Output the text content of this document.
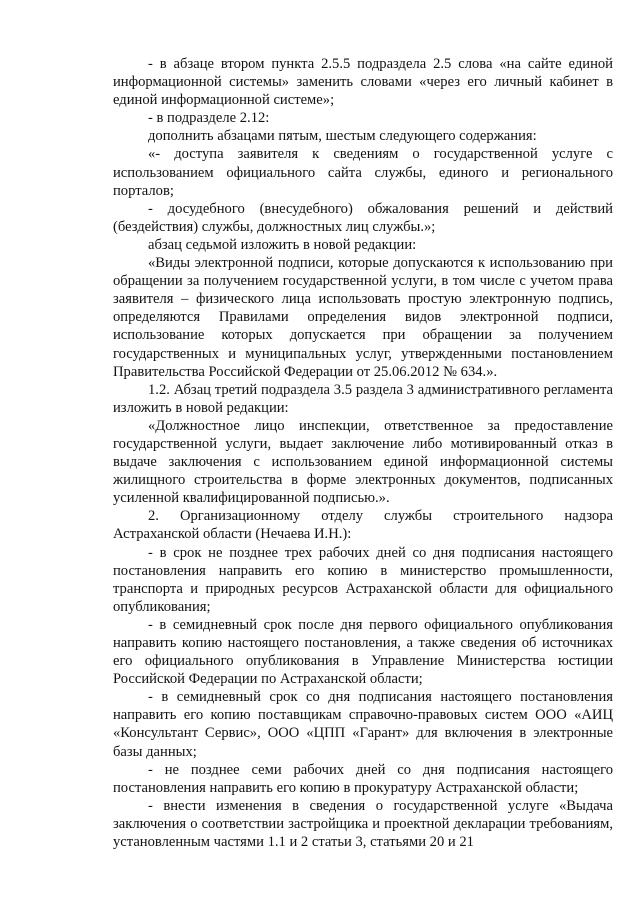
- в абзаце втором пункта 2.5.5 подраздела 2.5 слова «на сайте единой информационной системы» заменить словами «через его личный кабинет в единой информационной системе»;

- в подразделе 2.12:

дополнить абзацами пятым, шестым следующего содержания:

«- доступа заявителя к сведениям о государственной услуге с использованием официального сайта службы, единого и регионального порталов;

- досудебного (внесудебного) обжалования решений и действий (бездействия) службы, должностных лиц службы.»;

абзац седьмой изложить в новой редакции:

«Виды электронной подписи, которые допускаются к использованию при обращении за получением государственной услуги, в том числе с учетом права заявителя – физического лица использовать простую электронную подпись, определяются Правилами определения видов электронной подписи, использование которых допускается при обращении за получением государственных и муниципальных услуг, утвержденными постановлением Правительства Российской Федерации от 25.06.2012 № 634.».

1.2. Абзац третий подраздела 3.5 раздела 3 административного регламента изложить в новой редакции:

«Должностное лицо инспекции, ответственное за предоставление государственной услуги, выдает заключение либо мотивированный отказ в выдаче заключения с использованием единой информационной системы жилищного строительства в форме электронных документов, подписанных усиленной квалифицированной подписью.».

2. Организационному отделу службы строительного надзора Астраханской области (Нечаева И.Н.):

- в срок не позднее трех рабочих дней со дня подписания настоящего постановления направить его копию в министерство промышленности, транспорта и природных ресурсов Астраханской области для официального опубликования;

- в семидневный срок после дня первого официального опубликования направить копию настоящего постановления, а также сведения об источниках его официального опубликования в Управление Министерства юстиции Российской Федерации по Астраханской области;

- в семидневный срок со дня подписания настоящего постановления направить его копию поставщикам справочно-правовых систем ООО «АИЦ «Консультант Сервис», ООО «ЦПП «Гарант» для включения в электронные базы данных;

- не позднее семи рабочих дней со дня подписания настоящего постановления направить его копию в прокуратуру Астраханской области;

- внести изменения в сведения о государственной услуге «Выдача заключения о соответствии застройщика и проектной декларации требованиям, установленным частями 1.1 и 2 статьи 3, статьями 20 и 21
